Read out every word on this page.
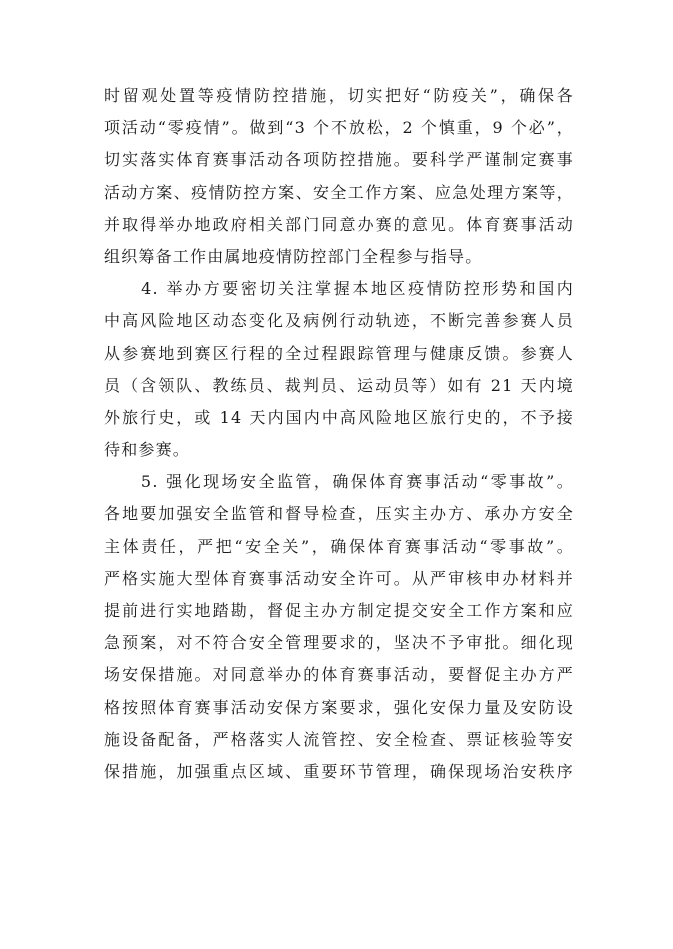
时留观处置等疫情防控措施，切实把好“防疫关”，确保各
项活动“零疫情”。做到“3 个不放松，2 个慎重，9 个必”，
切实落实体育赛事活动各项防控措施。要科学严谨制定赛事
活动方案、疫情防控方案、安全工作方案、应急处理方案等，
并取得举办地政府相关部门同意办赛的意见。体育赛事活动
组织筹备工作由属地疫情防控部门全程参与指导。
　　4. 举办方要密切关注掌握本地区疫情防控形势和国内
中高风险地区动态变化及病例行动轨迹，不断完善参赛人员
从参赛地到赛区行程的全过程跟踪管理与健康反馈。参赛人
员（含领队、教练员、裁判员、运动员等）如有 21 天内境
外旅行史，或 14 天内国内中高风险地区旅行史的，不予接
待和参赛。
　　5. 强化现场安全监管，确保体育赛事活动“零事故”。
各地要加强安全监管和督导检查，压实主办方、承办方安全
主体责任，严把“安全关”，确保体育赛事活动“零事故”。
严格实施大型体育赛事活动安全许可。从严审核申办材料并
提前进行实地踏勘，督促主办方制定提交安全工作方案和应
急预案，对不符合安全管理要求的，坚决不予审批。细化现
场安保措施。对同意举办的体育赛事活动，要督促主办方严
格按照体育赛事活动安保方案要求，强化安保力量及安防设
施设备配备，严格落实人流管控、安全检查、票证核验等安
保措施，加强重点区域、重要环节管理，确保现场治安秩序
